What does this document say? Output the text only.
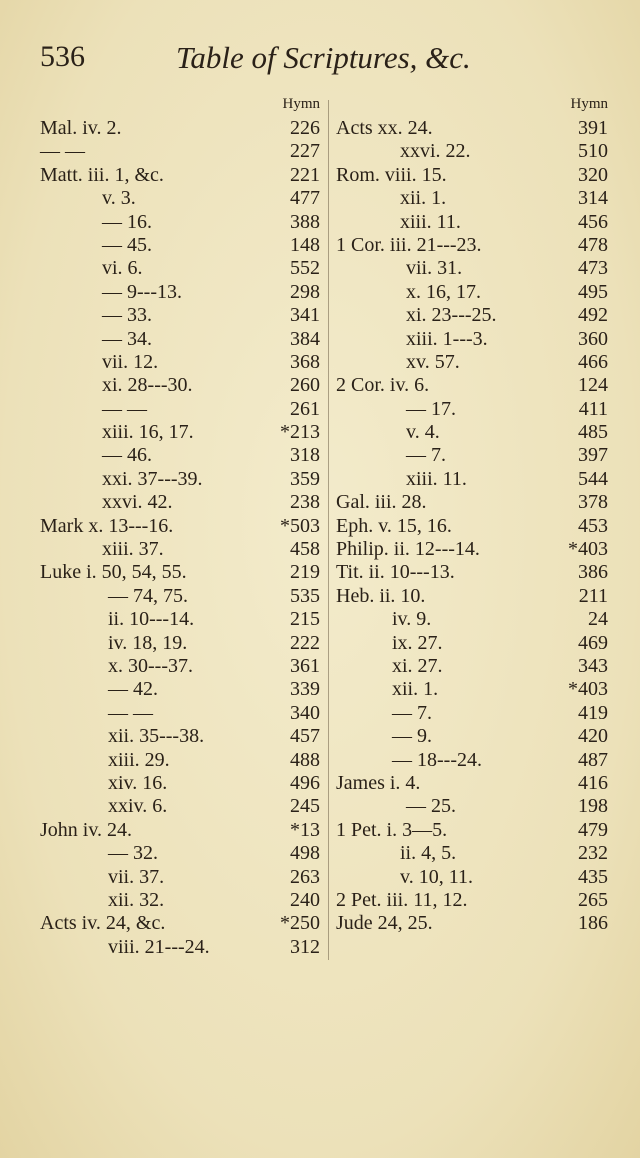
536	Table of Scriptures, &c.
Hymn
Mal. iv. 2.	226
— —	227
Matt. iii. 1, &c.	221
v. 3.	477
— 16.	388
— 45.	148
vi. 6.	552
— 9---13.	298
— 33.	341
— 34.	384
vii. 12.	368
xi. 28---30.	260
— —	261
xiii. 16, 17.	*213
— 46.	318
xxi. 37---39.	359
xxvi. 42.	238
Mark x. 13---16.	*503
xiii. 37.	458
Luke i. 50, 54, 55.	219
— 74, 75.	535
ii. 10---14.	215
iv. 18, 19.	222
x. 30---37.	361
— 42.	339
— —	340
xii. 35---38.	457
xiii. 29.	488
xiv. 16.	496
xxiv. 6.	245
John iv. 24.	*13
— 32.	498
vii. 37.	263
xii. 32.	240
Acts iv. 24, &c.	*250
viii. 21---24.	312
Hymn
Acts xx. 24.	391
xxvi. 22.	510
Rom. viii. 15.	320
xii. 1.	314
xiii. 11.	456
1 Cor. iii. 21---23.	478
vii. 31.	473
x. 16, 17.	495
xi. 23---25.	492
xiii. 1---3.	360
xv. 57.	466
2 Cor. iv. 6.	124
— 17.	411
v. 4.	485
— 7.	397
xiii. 11.	544
Gal. iii. 28.	378
Eph. v. 15, 16.	453
Philip. ii. 12---14.	*403
Tit. ii. 10---13.	386
Heb. ii. 10.	211
iv. 9.	24
ix. 27.	469
xi. 27.	343
xii. 1.	*403
— 7.	419
— 9.	420
— 18---24.	487
James i. 4.	416
— 25.	198
1 Pet. i. 3—5.	479
ii. 4, 5.	232
v. 10, 11.	435
2 Pet. iii. 11, 12.	265
Jude 24, 25.	186
